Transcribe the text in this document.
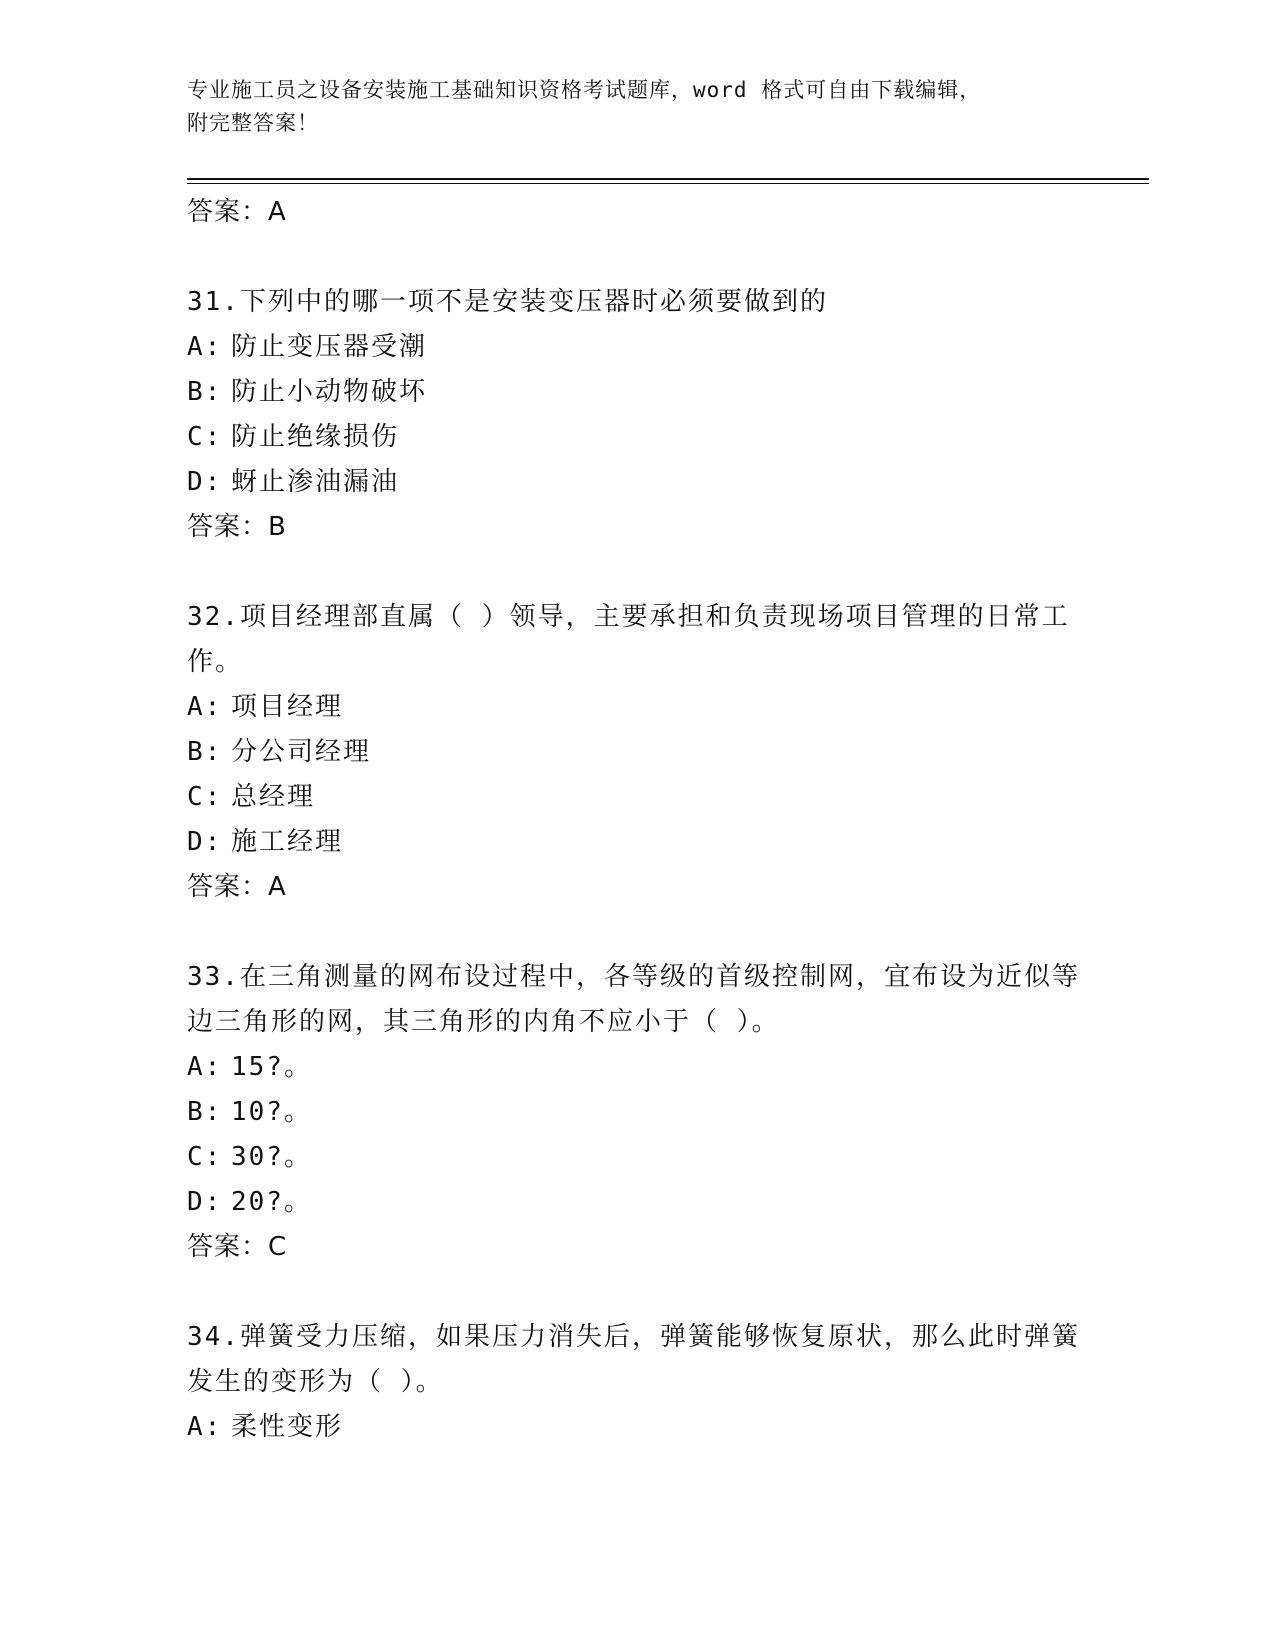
专业施工员之设备安装施工基础知识资格考试题库，word 格式可自由下载编辑，
附完整答案！
答案：A
31.下列中的哪一项不是安装变压器时必须要做到的
A: 防止变压器受潮
B: 防止小动物破坏
C: 防止绝缘损伤
D: 蚜止渗油漏油
答案：B
32.项目经理部直属（ ）领导，主要承担和负责现场项目管理的日常工作。
A: 项目经理
B: 分公司经理
C: 总经理
D: 施工经理
答案：A
33.在三角测量的网布设过程中，各等级的首级控制网，宜布设为近似等边三角形的网，其三角形的内角不应小于（ ）。
A: 15?。
B: 10?。
C: 30?。
D: 20?。
答案：C
34.弹簧受力压缩，如果压力消失后，弹簧能够恢复原状，那么此时弹簧发生的变形为（ ）。
A: 柔性变形
